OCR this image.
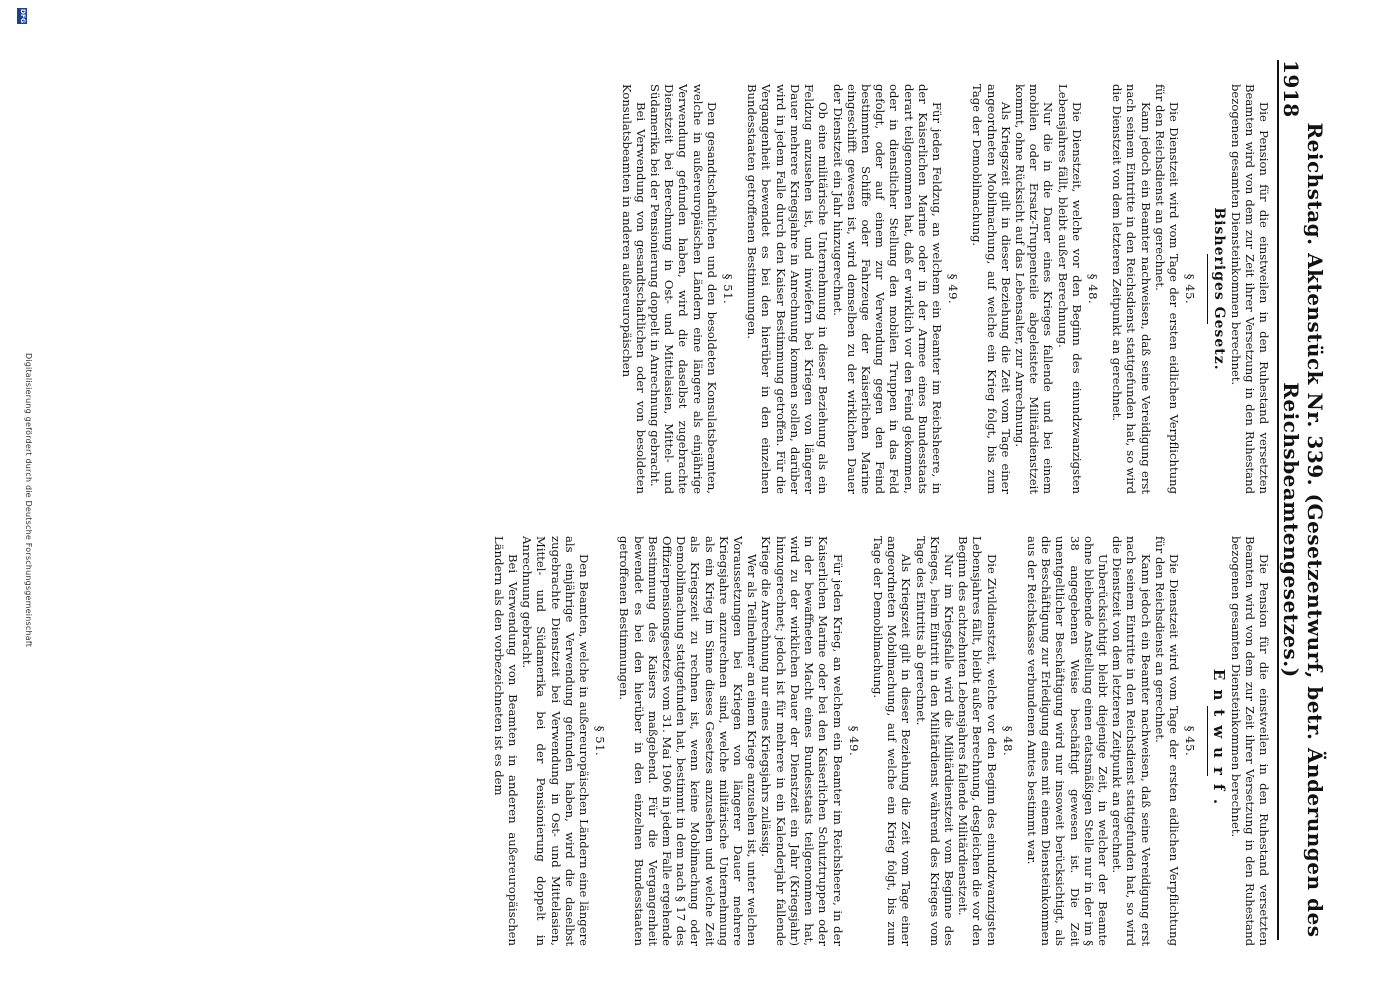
1918
Reichstag. Aktenstück Nr. 339. (Gesetzentwurf, betr. Änderungen des Reichsbeamtengesetzes.)

Die Pension für die einstweilen in den Ruhestand versetzten Beamten wird von dem zur Zeit ihrer Versetzung in den Ruhestand bezogenen gesamten Diensteinkommen berechnet.

Bisheriges Gesetz.
§ 45.

Die Dienstzeit wird vom Tage der ersten eidlichen Verpflichtung für den Reichsdienst an gerechnet.

Kann jedoch ein Beamter nachweisen, daß seine Vereidigung erst nach seinem Eintritte in den Reichsdienst stattgefunden hat, so wird die Dienstzeit von dem letzteren Zeitpunkt an gerechnet.

§ 48.

Die Dienstzeit, welche vor den Beginn des einundzwanzigsten Lebensjahres fällt, bleibt außer Berechnung.

Nur die in die Dauer eines Krieges fallende und bei einem mobilen oder Ersatz-Truppenteile abgeleistete Militärdienstzeit kommt, ohne Rücksicht auf das Lebensalter, zur Anrechnung.

Als Kriegszeit gilt in dieser Beziehung die Zeit vom Tage einer angeordneten Mobilmachung, auf welche ein Krieg folgt, bis zum Tage der Demobilmachung.

§ 49.

Für jeden Feldzug, an welchem ein Beamter im Reichsheere, in der Kaiserlichen Marine oder in der Armee eines Bundesstaats derart teilgenommen hat, daß er wirklich vor den Feind gekommen, oder in dienstlicher Stellung den mobilen Truppen in das Feld gefolgt, oder auf einem zur Verwendung gegen den Feind bestimmten Schiffe oder Fahrzeuge der Kaiserlichen Marine eingeschifft gewesen ist, wird demselben zu der wirklichen Dauer der Dienstzeit ein Jahr hinzugerechnet.

Ob eine militärische Unternehmung in dieser Beziehung als ein Feldzug anzusehen ist, und inwiefern bei Kriegen von längerer Dauer mehrere Kriegsjahre in Anrechnung kommen sollen, darüber wird in jedem Falle durch den Kaiser Bestimmung getroffen. Für die Vergangenheit bewendet es bei den hierüber in den einzelnen Bundesstaaten getroffenen Bestimmungen.

§ 51.

Den gesandtschaftlichen und den besoldeten Konsulatsbeamten, welche in außereuropäischen Ländern eine längere als einjährige Verwendung gefunden haben, wird die daselbst zugebrachte Dienstzeit bei Berechnung in Ost- und Mittelasien, Mittel- und Südamerika bei der Pensionierung doppelt in Anrechnung gebracht.

Bei Verwendung von gesandtschaftlichen oder von besoldeten Konsulatsbeamten in anderen außereuropäischen

Die Pension für die einstweilen in den Ruhestand versetzten Beamten wird von dem zur Zeit ihrer Versetzung in den Ruhestand bezogenen gesamten Diensteinkommen berechnet.

Entwurf.
§ 45.

Die Dienstzeit wird vom Tage der ersten eidlichen Verpflichtung für den Reichsdienst an gerechnet.

Kann jedoch ein Beamter nachweisen, daß seine Vereidigung erst nach seinem Eintritte in den Reichsdienst stattgefunden hat, so wird die Dienstzeit von dem letzteren Zeitpunkt an gerechnet.

Unberücksichtigt bleibt diejenige Zeit, in welcher der Beamte ohne bleibende Anstellung einen etatsmäßigen Stelle nur in der im § 38 angegebenen Weise beschäftigt gewesen ist. Die Zeit unentgeltlicher Beschäftigung wird nur insoweit berücksichtigt, als die Beschäftigung zur Erledigung eines mit einem Diensteinkommen aus der Reichskasse verbundenen Amtes bestimmt war.

§ 48.

Die Zivildienstzeit, welche vor den Beginn des einundzwanzigsten Lebensjahres fällt, bleibt außer Berechnung, desgleichen die vor den Beginn des achtzehnten Lebensjahres fallende Militärdienstzeit.

Nur im Kriegsfalle wird die Militärdienstzeit vom Beginne des Krieges, beim Eintritt in den Militärdienst während des Krieges vom Tage des Eintritts ab gerechnet.

Als Kriegszeit gilt in dieser Beziehung die Zeit vom Tage einer angeordneten Mobilmachung, auf welche ein Krieg folgt, bis zum Tage der Demobilmachung.

§ 49.

Für jeden Krieg, an welchem ein Beamter im Reichsheere, in der Kaiserlichen Marine oder bei den Kaiserlichen Schutztruppen oder in der bewaffneten Macht eines Bundesstaats teilgenommen hat, wird zu der wirklichen Dauer der Dienstzeit ein Jahr (Kriegsjahr) hinzugerechnet; jedoch ist für mehrere in ein Kalenderjahr fallende Kriege die Anrechnung nur eines Kriegsjahrs zulässig.

Wer als Teilnehmer an einem Kriege anzusehen ist, unter welchen Voraussetzungen bei Kriegen von längerer Dauer mehrere Kriegsjahre anzurechnen sind, welche militärische Unternehmung als ein Krieg im Sinne dieses Gesetzes anzusehen und welche Zeit als Kriegszeit zu rechnen ist, wenn keine Mobilmachung oder Demobilmachung stattgefunden hat, bestimmt in dem nach § 17 des Offizierpensionsgesetzes vom 31. Mai 1906 in jedem Falle ergehende Bestimmung des Kaisers maßgebend. Für die Vergangenheit bewendet es bei den hierüber in den einzelnen Bundesstaaten getroffenen Bestimmungen.

§ 51.

Den Beamten, welche in außereuropäischen Ländern eine längere als einjährige Verwendung gefunden haben, wird die daselbst zugebrachte Dienstzeit bei Verwendung in Ost- und Mittelasien, Mittel- und Südamerika bei der Pensionierung doppelt in Anrechnung gebracht.

Bei Verwendung von Beamten in anderen außereuropäischen Ländern als den vorbezeichneten ist es dem

DFG
Digitalisierung gefördert durch die Deutsche Forschungsgemeinschaft
